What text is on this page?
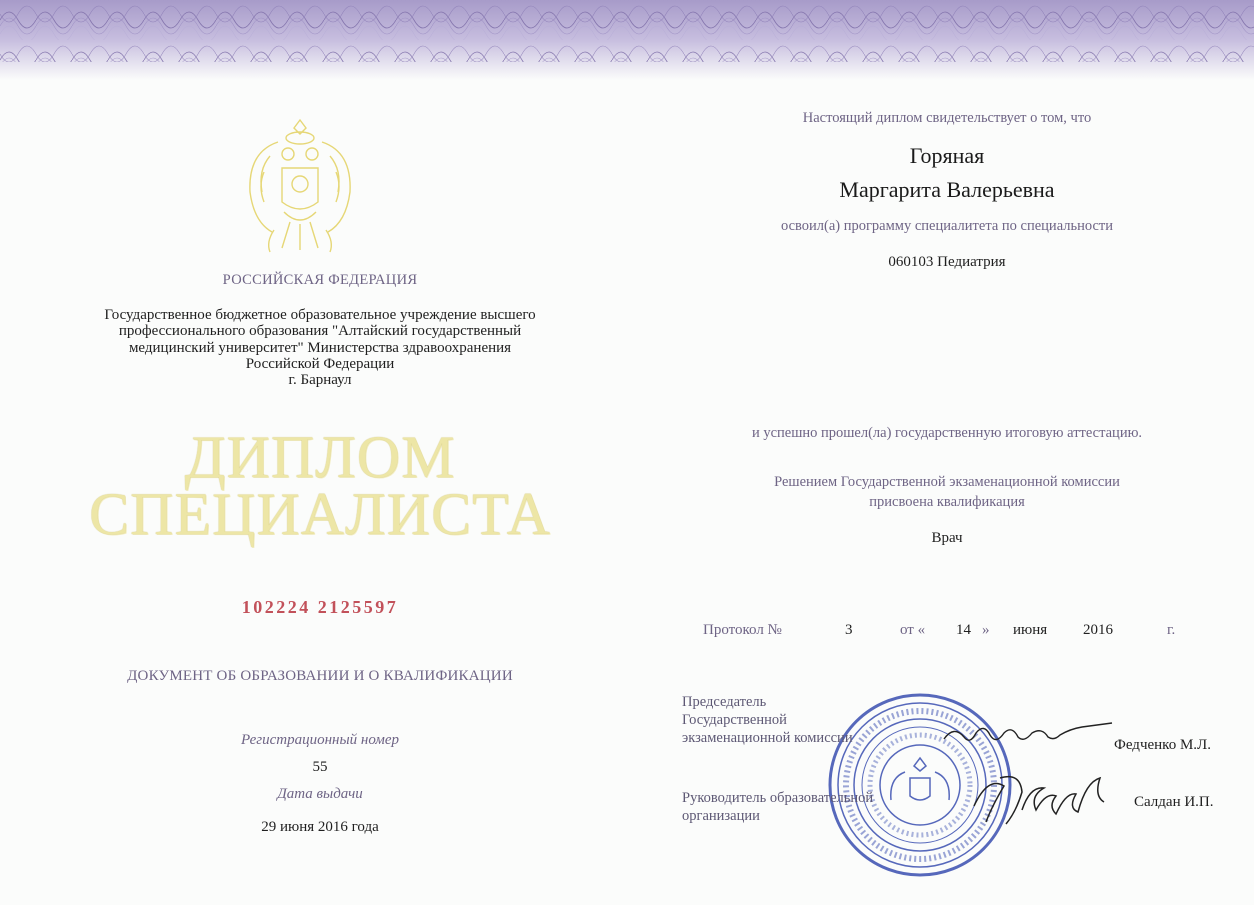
РОССИЙСКАЯ ФЕДЕРАЦИЯ
Государственное бюджетное образовательное учреждение высшего
профессионального образования "Алтайский государственный
медицинский университет" Министерства здравоохранения
Российской Федерации
г. Барнаул
ДИПЛОМ
СПЕЦИАЛИСТА
102224 2125597
ДОКУМЕНТ ОБ ОБРАЗОВАНИИ И О КВАЛИФИКАЦИИ
Регистрационный номер
55
Дата выдачи
29 июня 2016 года
Настоящий диплом свидетельствует о том, что
Горяная
Маргарита Валерьевна
освоил(а) программу специалитета по специальности
060103 Педиатрия
и успешно прошел(ла) государственную итоговую аттестацию.
Решением Государственной экзаменационной комиссии
присвоена квалификация
Врач
Протокол №	3	от « 14 » июня 2016	г.
Председатель
Государственной
экзаменационной комиссии	Федченко М.Л.
Руководитель образовательной
организации
Салдан И.П.
